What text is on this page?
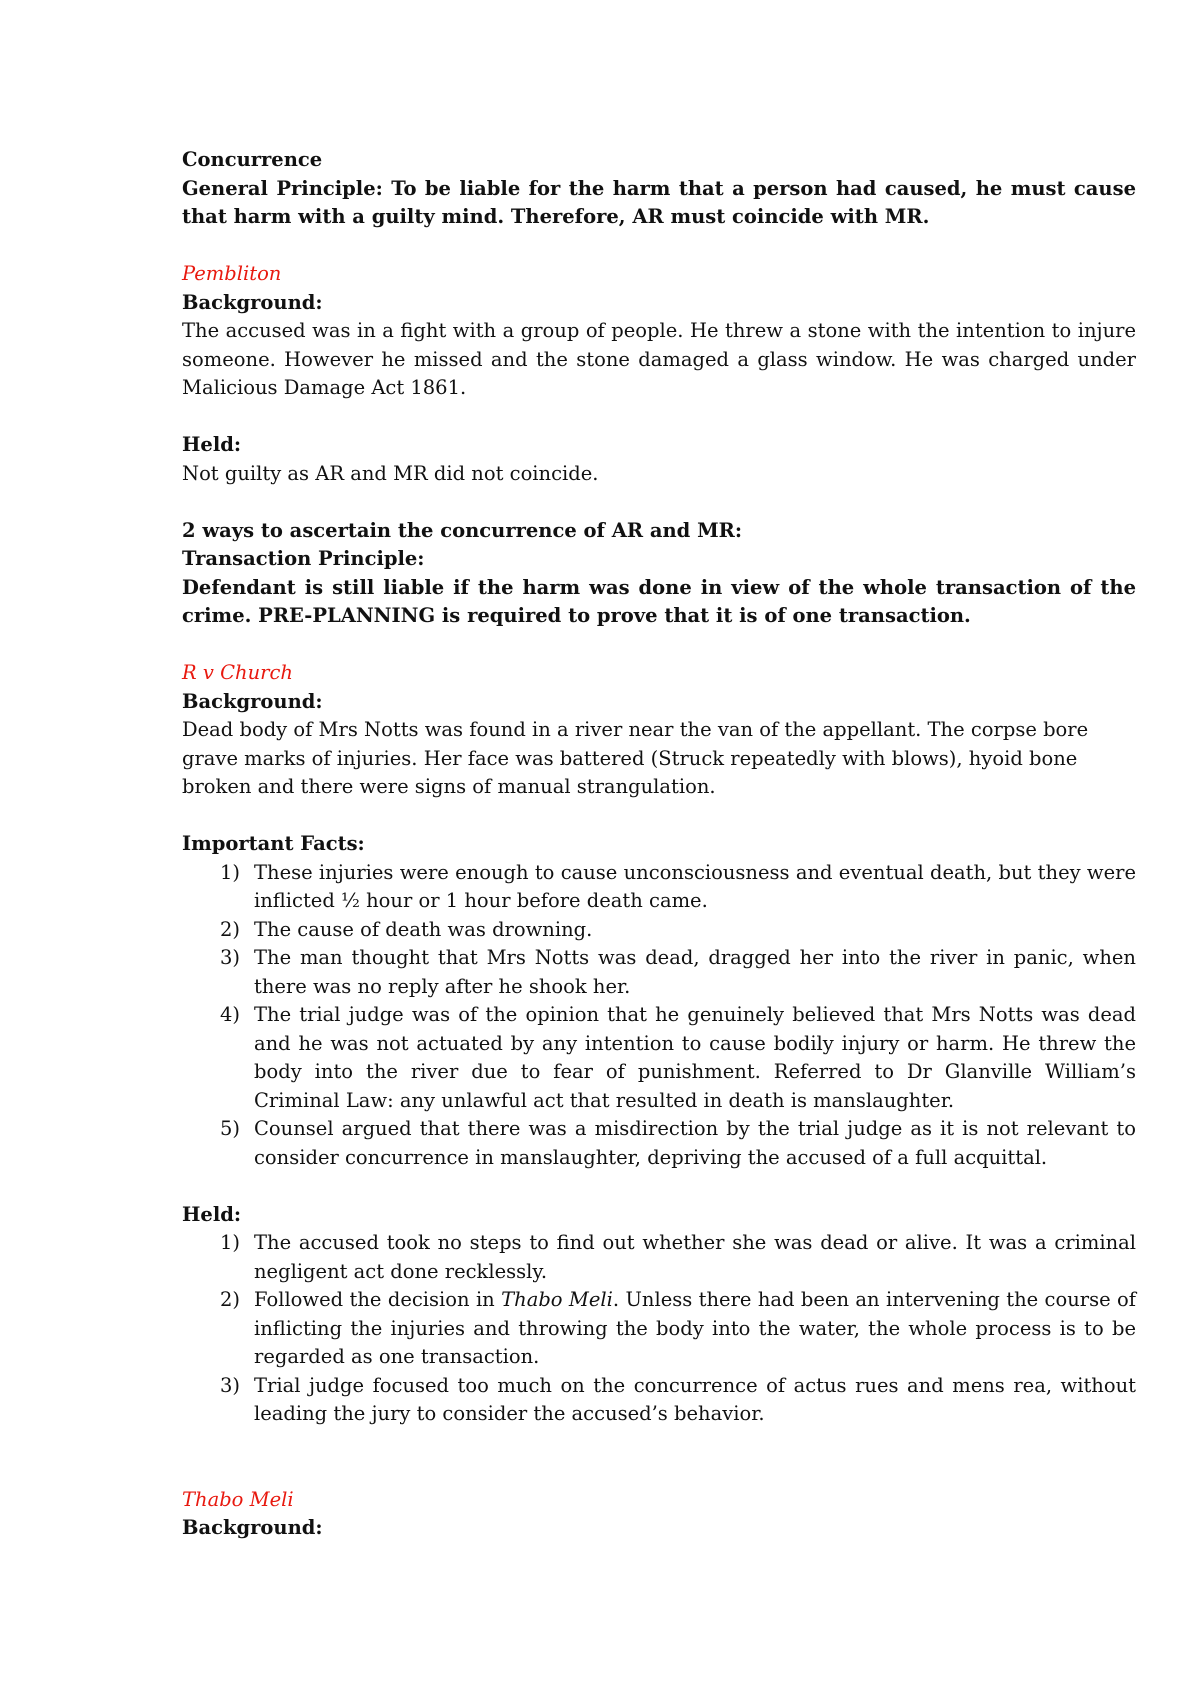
Concurrence
General Principle: To be liable for the harm that a person had caused, he must cause that harm with a guilty mind. Therefore, AR must coincide with MR.
Pembliton
Background:
The accused was in a fight with a group of people. He threw a stone with the intention to injure someone. However he missed and the stone damaged a glass window. He was charged under Malicious Damage Act 1861.
Held:
Not guilty as AR and MR did not coincide.
2 ways to ascertain the concurrence of AR and MR:
Transaction Principle:
Defendant is still liable if the harm was done in view of the whole transaction of the crime. PRE-PLANNING is required to prove that it is of one transaction.
R v Church
Background:
Dead body of Mrs Notts was found in a river near the van of the appellant. The corpse bore grave marks of injuries. Her face was battered (Struck repeatedly with blows), hyoid bone broken and there were signs of manual strangulation.
Important Facts:
1) These injuries were enough to cause unconsciousness and eventual death, but they were inflicted ½ hour or 1 hour before death came.
2) The cause of death was drowning.
3) The man thought that Mrs Notts was dead, dragged her into the river in panic, when there was no reply after he shook her.
4) The trial judge was of the opinion that he genuinely believed that Mrs Notts was dead and he was not actuated by any intention to cause bodily injury or harm. He threw the body into the river due to fear of punishment. Referred to Dr Glanville William’s Criminal Law: any unlawful act that resulted in death is manslaughter.
5) Counsel argued that there was a misdirection by the trial judge as it is not relevant to consider concurrence in manslaughter, depriving the accused of a full acquittal.
Held:
1) The accused took no steps to find out whether she was dead or alive. It was a criminal negligent act done recklessly.
2) Followed the decision in Thabo Meli. Unless there had been an intervening the course of inflicting the injuries and throwing the body into the water, the whole process is to be regarded as one transaction.
3) Trial judge focused too much on the concurrence of actus rues and mens rea, without leading the jury to consider the accused’s behavior.
Thabo Meli
Background:
